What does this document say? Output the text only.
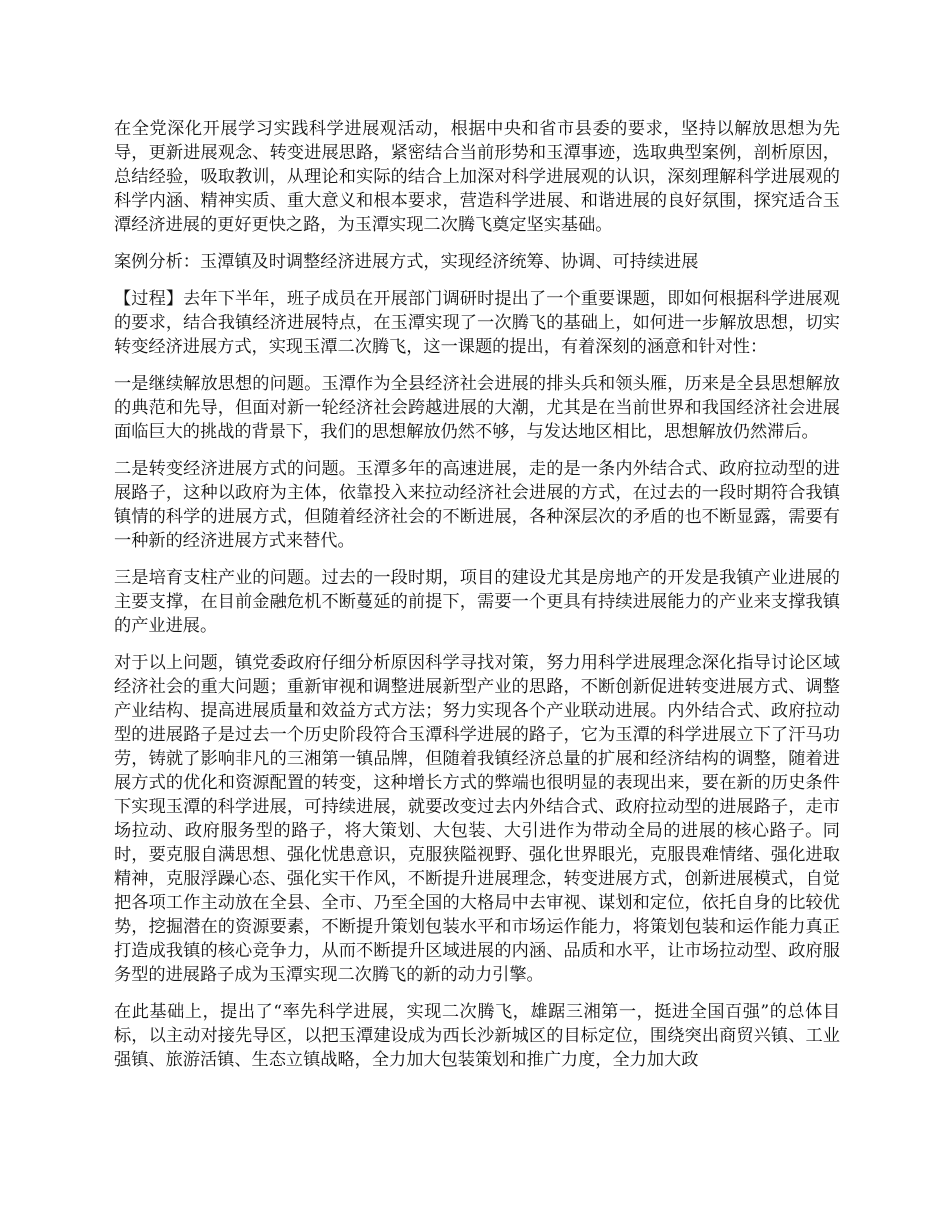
在全党深化开展学习实践科学进展观活动，根据中央和省市县委的要求，坚持以解放思想为先导，更新进展观念、转变进展思路，紧密结合当前形势和玉潭事迹，选取典型案例，剖析原因，总结经验，吸取教训，从理论和实际的结合上加深对科学进展观的认识，深刻理解科学进展观的科学内涵、精神实质、重大意义和根本要求，营造科学进展、和谐进展的良好氛围，探究适合玉潭经济进展的更好更快之路，为玉潭实现二次腾飞奠定坚实基础。

案例分析：玉潭镇及时调整经济进展方式，实现经济统筹、协调、可持续进展

【过程】去年下半年，班子成员在开展部门调研时提出了一个重要课题，即如何根据科学进展观的要求，结合我镇经济进展特点，在玉潭实现了一次腾飞的基础上，如何进一步解放思想，切实转变经济进展方式，实现玉潭二次腾飞，这一课题的提出，有着深刻的涵意和针对性：

一是继续解放思想的问题。玉潭作为全县经济社会进展的排头兵和领头雁，历来是全县思想解放的典范和先导，但面对新一轮经济社会跨越进展的大潮，尤其是在当前世界和我国经济社会进展面临巨大的挑战的背景下，我们的思想解放仍然不够，与发达地区相比，思想解放仍然滞后。

二是转变经济进展方式的问题。玉潭多年的高速进展，走的是一条内外结合式、政府拉动型的进展路子，这种以政府为主体，依靠投入来拉动经济社会进展的方式，在过去的一段时期符合我镇镇情的科学的进展方式，但随着经济社会的不断进展，各种深层次的矛盾的也不断显露，需要有一种新的经济进展方式来替代。

三是培育支柱产业的问题。过去的一段时期，项目的建设尤其是房地产的开发是我镇产业进展的主要支撑，在目前金融危机不断蔓延的前提下，需要一个更具有持续进展能力的产业来支撑我镇的产业进展。

对于以上问题，镇党委政府仔细分析原因科学寻找对策，努力用科学进展理念深化指导讨论区域经济社会的重大问题；重新审视和调整进展新型产业的思路，不断创新促进转变进展方式、调整产业结构、提高进展质量和效益方式方法；努力实现各个产业联动进展。内外结合式、政府拉动型的进展路子是过去一个历史阶段符合玉潭科学进展的路子，它为玉潭的科学进展立下了汗马功劳，铸就了影响非凡的三湘第一镇品牌，但随着我镇经济总量的扩展和经济结构的调整，随着进展方式的优化和资源配置的转变，这种增长方式的弊端也很明显的表现出来，要在新的历史条件下实现玉潭的科学进展，可持续进展，就要改变过去内外结合式、政府拉动型的进展路子，走市场拉动、政府服务型的路子，将大策划、大包装、大引进作为带动全局的进展的核心路子。同时，要克服自满思想、强化忧患意识，克服狭隘视野、强化世界眼光，克服畏难情绪、强化进取精神，克服浮躁心态、强化实干作风，不断提升进展理念，转变进展方式，创新进展模式，自觉把各项工作主动放在全县、全市、乃至全国的大格局中去审视、谋划和定位，依托自身的比较优势，挖掘潜在的资源要素，不断提升策划包装水平和市场运作能力，将策划包装和运作能力真正打造成我镇的核心竞争力，从而不断提升区域进展的内涵、品质和水平，让市场拉动型、政府服务型的进展路子成为玉潭实现二次腾飞的新的动力引擎。

在此基础上，提出了“率先科学进展，实现二次腾飞，雄踞三湘第一，挺进全国百强”的总体目标，以主动对接先导区，以把玉潭建设成为西长沙新城区的目标定位，围绕突出商贸兴镇、工业强镇、旅游活镇、生态立镇战略，全力加大包装策划和推广力度，全力加大政
